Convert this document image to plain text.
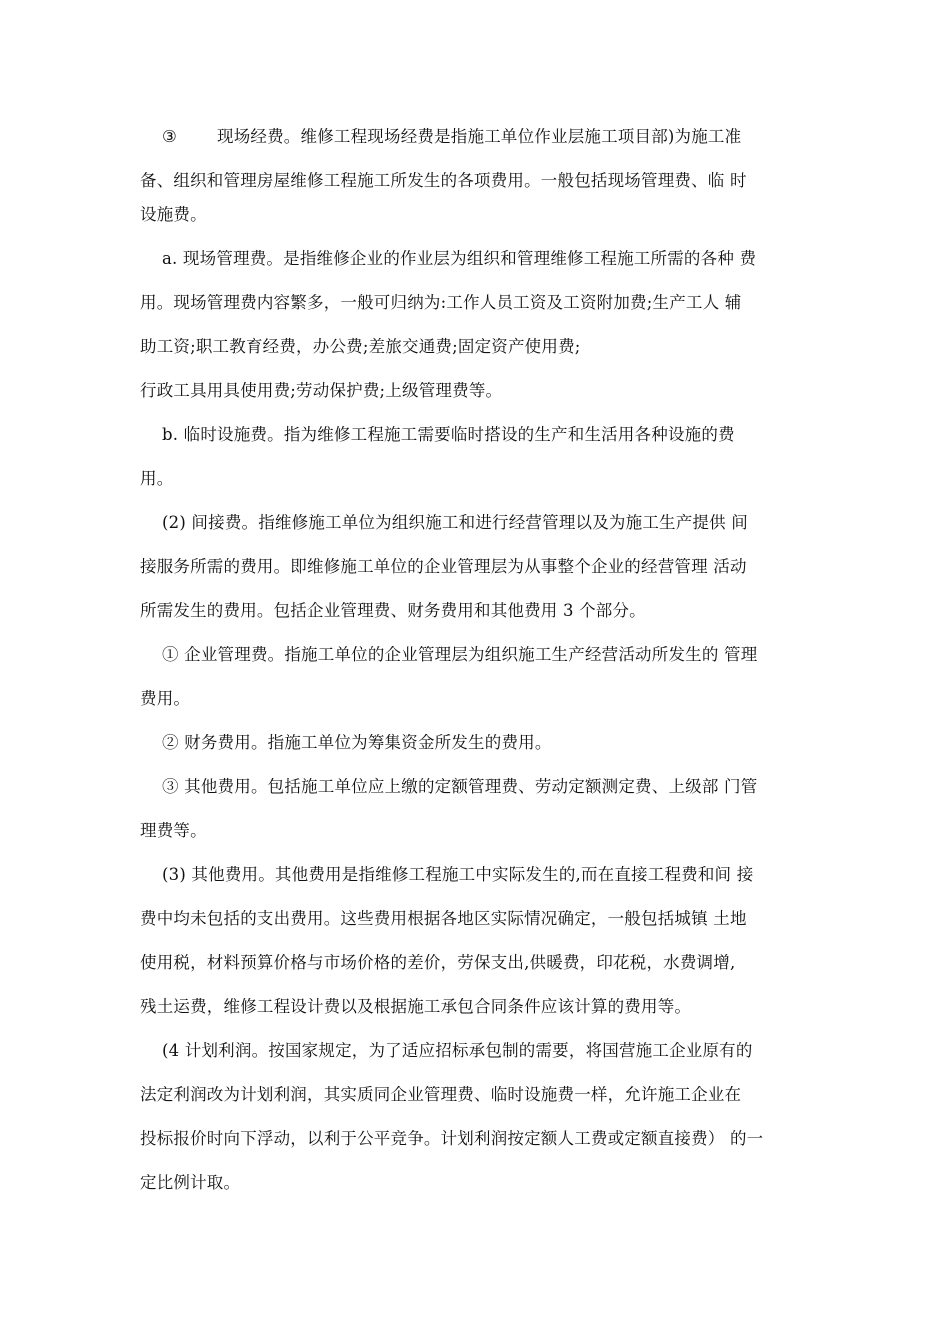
③ 现场经费。维修工程现场经费是指施工单位作业层施工项目部)为施工准
备、组织和管理房屋维修工程施工所发生的各项费用。一般包括现场管理费、临 时
设施费。
a. 现场管理费。是指维修企业的作业层为组织和管理维修工程施工所需的各种 费
用。现场管理费内容繁多，一般可归纳为:工作人员工资及工资附加费;生产工人 辅
助工资;职工教育经费，办公费;差旅交通费;固定资产使用费;
行政工具用具使用费;劳动保护费;上级管理费等。
b. 临时设施费。指为维修工程施工需要临时搭设的生产和生活用各种设施的费
用。
(2) 间接费。指维修施工单位为组织施工和进行经营管理以及为施工生产提供 间
接服务所需的费用。即维修施工单位的企业管理层为从事整个企业的经营管理 活动
所需发生的费用。包括企业管理费、财务费用和其他费用 3 个部分。
① 企业管理费。指施工单位的企业管理层为组织施工生产经营活动所发生的 管理
费用。
② 财务费用。指施工单位为筹集资金所发生的费用。
③ 其他费用。包括施工单位应上缴的定额管理费、劳动定额测定费、上级部 门管
理费等。
(3) 其他费用。其他费用是指维修工程施工中实际发生的,而在直接工程费和间 接
费中均未包括的支出费用。这些费用根据各地区实际情况确定，一般包括城镇 土地
使用税，材料预算价格与市场价格的差价，劳保支出,供暖费，印花税，水费调增,
残土运费，维修工程设计费以及根据施工承包合同条件应该计算的费用等。
(4 计划利润。按国家规定，为了适应招标承包制的需要，将国营施工企业原有的
法定利润改为计划利润，其实质同企业管理费、临时设施费一样，允许施工企业在
投标报价时向下浮动，以利于公平竞争。计划利润按定额人工费或定额直接费） 的一
定比例计取。
